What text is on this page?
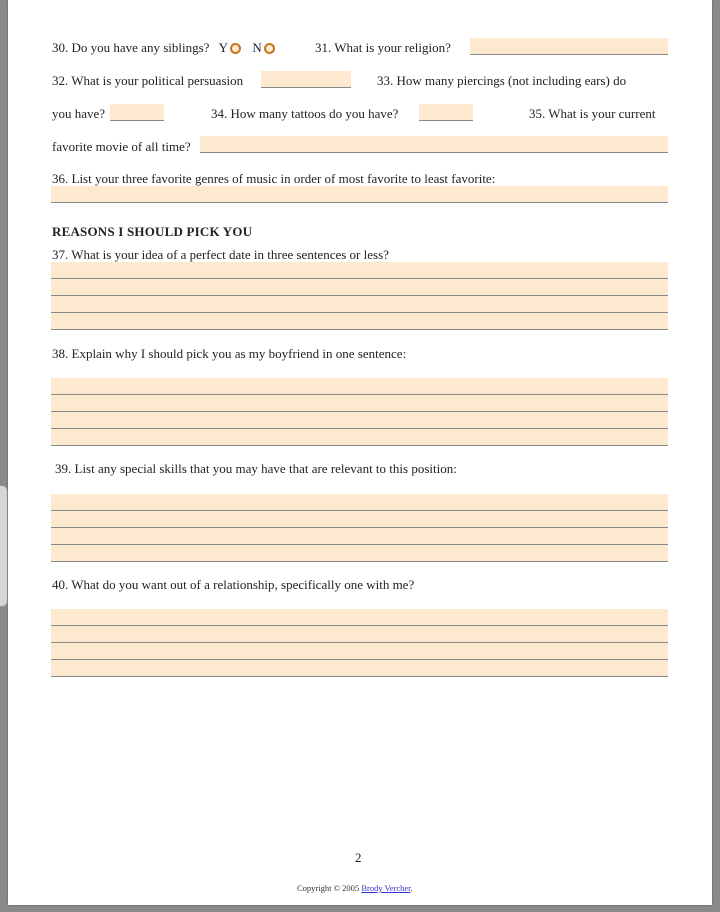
30. Do you have any siblings? Y N	31. What is your religion?
32. What is your political persuasion	33. How many piercings (not including ears) do
you have?	34. How many tattoos do you have?	35. What is your current
favorite movie of all time?
36. List your three favorite genres of music in order of most favorite to least favorite:
REASONS I SHOULD PICK YOU
37. What is your idea of a perfect date in three sentences or less?
38. Explain why I should pick you as my boyfriend in one sentence:
39. List any special skills that you may have that are relevant to this position:
40. What do you want out of a relationship, specifically one with me?
2
Copyright © 2005 Brody Vercher.
